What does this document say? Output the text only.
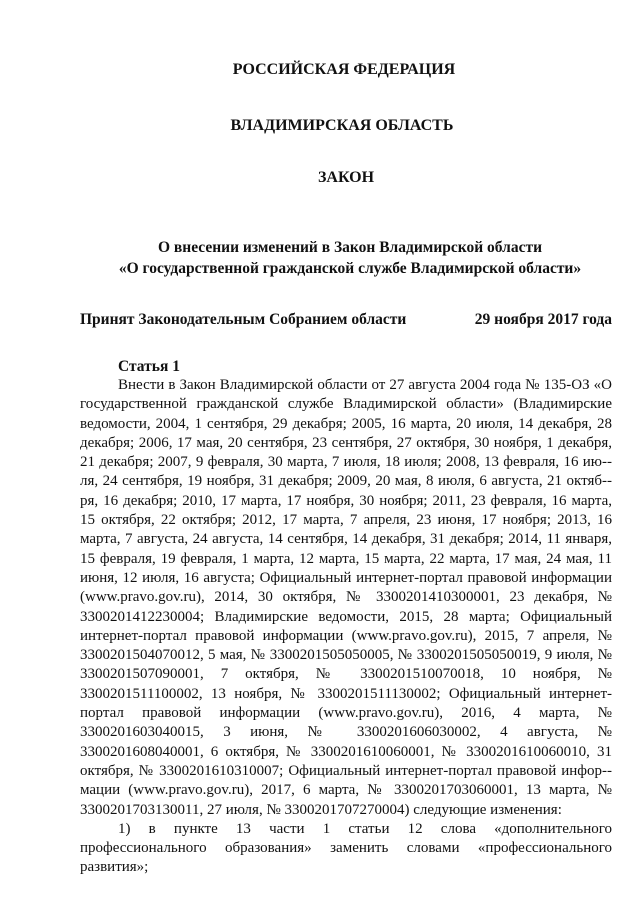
РОССИЙСКАЯ ФЕДЕРАЦИЯ
ВЛАДИМИРСКАЯ ОБЛАСТЬ
ЗАКОН
О внесении изменений в Закон Владимирской области
«О государственной гражданской службе Владимирской области»
Принят Законодательным Собранием области	29 ноября 2017 года
Статья 1

Внести в Закон Владимирской области от 27 августа 2004 года № 135-ОЗ «О государственной гражданской службе Владимирской области» (Владимирские ведомости, 2004, 1 сентября, 29 декабря; 2005, 16 марта, 20 июля, 14 декабря, 28 декабря; 2006, 17 мая, 20 сентября, 23 сентября, 27 октября, 30 ноября, 1 декабря, 21 декабря; 2007, 9 февраля, 30 марта, 7 июля, 18 июля; 2008, 13 февраля, 16 ию-ля, 24 сентября, 19 ноября, 31 декабря; 2009, 20 мая, 8 июля, 6 августа, 21 октяб-ря, 16 декабря; 2010, 17 марта, 17 ноября, 30 ноября; 2011, 23 февраля, 16 марта, 15 октября, 22 октября; 2012, 17 марта, 7 апреля, 23 июня, 17 ноября; 2013, 16 марта, 7 августа, 24 августа, 14 сентября, 14 декабря, 31 декабря; 2014, 11 января, 15 февраля, 19 февраля, 1 марта, 12 марта, 15 марта, 22 марта, 17 мая, 24 мая, 11 июня, 12 июля, 16 августа; Официальный интернет-портал правовой информации (www.pravo.gov.ru), 2014, 30 октября, № 3300201410300001, 23 декабря, № 3300201412230004; Владимирские ведомости, 2015, 28 марта; Официальный интернет-портал правовой информации (www.pravo.gov.ru), 2015, 7 апреля, № 3300201504070012, 5 мая, № 3300201505050005, № 3300201505050019, 9 июля, № 3300201507090001, 7 октября, № 3300201510070018, 10 ноября, № 3300201511100002, 13 ноября, № 3300201511130002; Официальный интернет-портал правовой информации (www.pravo.gov.ru), 2016, 4 марта, № 3300201603040015, 3 июня, № 3300201606030002, 4 августа, № 3300201608040001, 6 октября, № 3300201610060001, № 3300201610060010, 31 октября, № 3300201610310007; Официальный интернет-портал правовой инфор-мации (www.pravo.gov.ru), 2017, 6 марта, № 3300201703060001, 13 марта, № 3300201703130011, 27 июля, № 3300201707270004) следующие изменения:

1) в пункте 13 части 1 статьи 12 слова «дополнительного профессионального образования» заменить словами «профессионального развития»;
